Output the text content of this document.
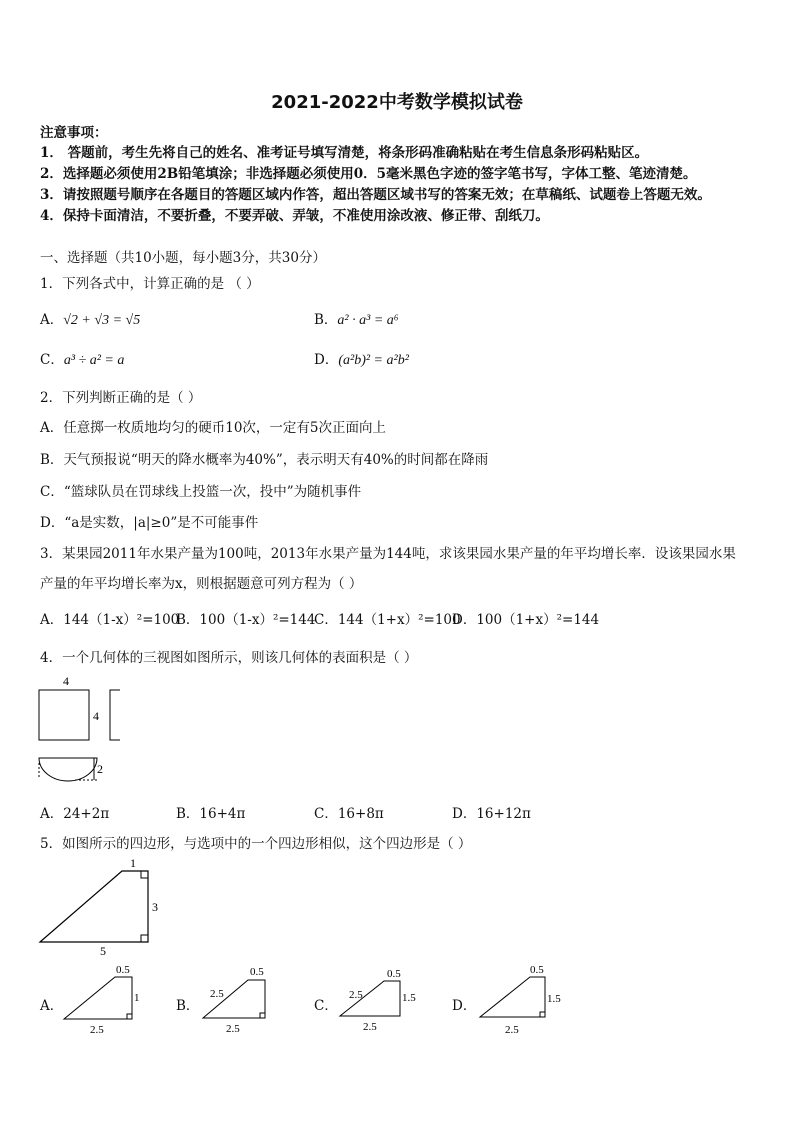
2021-2022中考数学模拟试卷
注意事项：
1． 答题前，考生先将自己的姓名、准考证号填写清楚，将条形码准确粘贴在考生信息条形码粘贴区。
2．选择题必须使用2B铅笔填涂；非选择题必须使用0．5毫米黑色字迹的签字笔书写，字体工整、笔迹清楚。
3．请按照题号顺序在各题目的答题区域内作答，超出答题区域书写的答案无效；在草稿纸、试题卷上答题无效。
4．保持卡面清洁，不要折叠，不要弄破、弄皱，不准使用涂改液、修正带、刮纸刀。
一、选择题（共10小题，每小题3分，共30分）
1．下列各式中，计算正确的是 （ ）
A．√2 + √3 = √5	B．a² · a³ = a⁶
C．a³ ÷ a² = a	D．(a²b)² = a²b²
2．下列判断正确的是（ ）
A．任意掷一枚质地均匀的硬币10次，一定有5次正面向上
B．天气预报说“明天的降水概率为40%”，表示明天有40%的时间都在降雨
C．“篮球队员在罚球线上投篮一次，投中”为随机事件
D．“a是实数，|a|≥0”是不可能事件
3．某果园2011年水果产量为100吨，2013年水果产量为144吨，求该果园水果产量的年平均增长率．设该果园水果
产量的年平均增长率为x，则根据题意可列方程为（ ）
A．144（1-x）²=100
B．100（1-x）²=144
C．144（1+x）²=100
D．100（1+x）²=144
4．一个几何体的三视图如图所示，则该几何体的表面积是（ ）
4
4
2
A．24+2π	B．16+4π	C．16+8π	D．16+12π
5．如图所示的四边形，与选项中的一个四边形相似，这个四边形是（ ）
1
3
5
A．
0.5
1
2.5
B．
0.5
2.5
2.5
C．
0.5
2.5	1.5
2.5
D．
0.5
1.5
2.5
